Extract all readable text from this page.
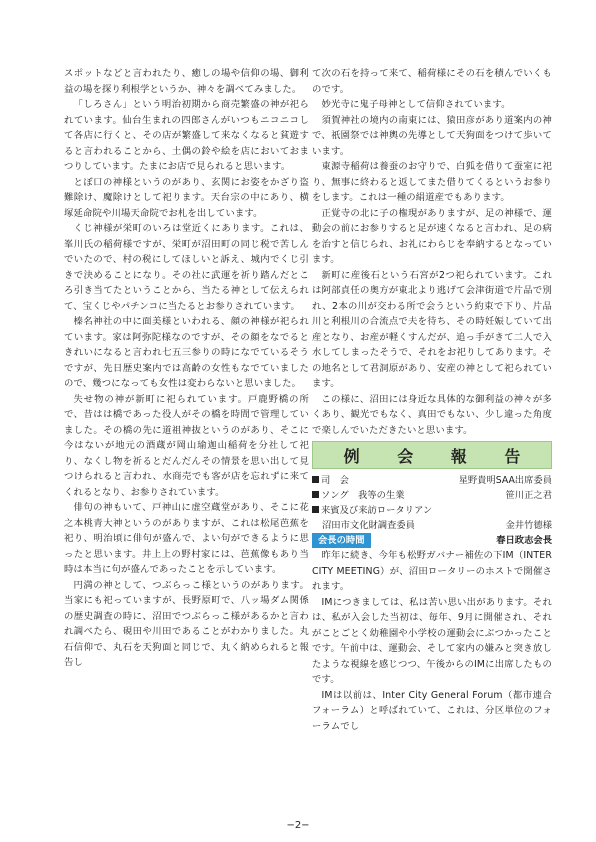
スポットなどと言われたり、癒しの場や信仰の場、御利益の場を探り利根学というか、神々を調べてみました。

「しろさん」という明治初期から商売繁盛の神が祀られています。仙台生まれの四郎さんがいつもニコニコして各店に行くと、その店が繁盛して来なくなると貧遊すると言われることから、土偶の鈴や絵を店においておまつりしています。たまにお店で見られると思います。

とぼ口の神様というのがあり、玄関にお姿をかざり盗難除け、魔除けとして祀ります。天台宗の中にあり、横塚延命院や川場天命院でお札を出しています。

くじ神様が栄町のいろは堂近くにあります。これは、峯川氏の稲荷様ですが、栄町が沼田町の同じ税で苦しんでいたので、村の税にしてほしいと訴え、城内でくじ引きで決めることになり。その社に武運を祈り踏んだところ引き当てたということから、当たる神として伝えられて、宝くじやパチンコに当たるとお参りされています。

榛名神社の中に面美様といわれる、顔の神様が祀られています。家は阿弥陀様なのですが、その顔をなでるときれいになると言われ七五三参りの時になでているそうですが、先日歴史案内では高齢の女性もなでていましたので、幾つになっても女性は変わらないと思いました。

失せ物の神が新町に祀られています。戸鹿野橋の所で、昔はは橋であった役人がその橋を時間で管理していました。その橋の先に道祖神抜というのがあり、そこに今はないが地元の酒蔵が岡山瑜迦山稲荷を分社して祀り、なくし物を祈るとだんだんその情景を思い出して見つけられると言われ、水商売でも客が店を忘れずに来てくれるとなり、お参りされています。

俳句の神もいて、戸神山に虚空蔵堂があり、そこに花之本桃青大神というのがありますが、これは松尾芭蕉を祀り、明治頃に俳句が盛んで、よい句ができるように思ったと思います。井上上の野村家には、芭蕉像もあり当時は本当に句が盛んであったことを示しています。

円満の神として、つぶらっこ様というのがあります。当家にも祀っていますが、長野原町で、八ッ場ダム関係の歴史調査の時に、沼田でつぶらっこ様があるかと言われ調べたら、硯田や川田であることがわかりました。丸石信仰で、丸石を天狗面と同じで、丸く納められると報告し

て次の石を持って来て、稲荷様にその石を積んでいくものです。

妙光寺に鬼子母神として信仰されています。

須賀神社の境内の南東には、猿田彦があり道案内の神で、祇園祭では神輿の先導として天狗面をつけて歩いています。

東源寺稲荷は養蚕のお守りで、白狐を借りて蚕室に祀り、無事に終わると返してまた借りてくるというお参りをします。これは一種の絹道産でもあります。

正覚寺の北に子の権現がありますが、足の神様で、運動会の前にお参りすると足が速くなると言われ、足の病を治すと信じられ、お礼にわらじを奉納するとなっています。

新町に産後石という石宮が2つ祀られています。これは阿部貞任の奥方が東北より逃げて会津街道で片品で別れ、2本の川が交わる所で会うという約束で下り、片品川と利根川の合流点で夫を待ち、その時妊娠していて出産となり、お産が軽くすんだが、追っ手がきて二人で入水してしまったそうで、それをお祀りしてあります。その地名として君洞原があり、安産の神として祀られています。

この様に、沼田には身近な具体的な御利益の神々が多くあり、観光でもなく、真田でもない、少し違った角度で楽しんでいただきたいと思います。

例 会 報 告
司　会	星野貴明SAA出席委員
ソング　我等の生業	笹川正之君
来賓及び来訪ロータリアン
沼田市文化財調査委員	金井竹德様
会長の時間	春日政志会長

昨年に続き、今年も松野ガバナー補佐の下IM（INTER CITY MEETING）が、沼田ロータリーのホストで開催されます。

IMにつきましては、私は苦い思い出があります。それは、私が入会した当初は、毎年、9月に開催され、それがことごとく幼稚園や小学校の運動会にぶつかったことです。午前中は、運動会、そして家内の嫌みと突き放したような視線を感じつつ、午後からのIMに出席したものです。

IMは以前は、Inter City General Forum（都市連合フォーラム）と呼ばれていて、これは、分区単位のフォーラムでし

−2−
